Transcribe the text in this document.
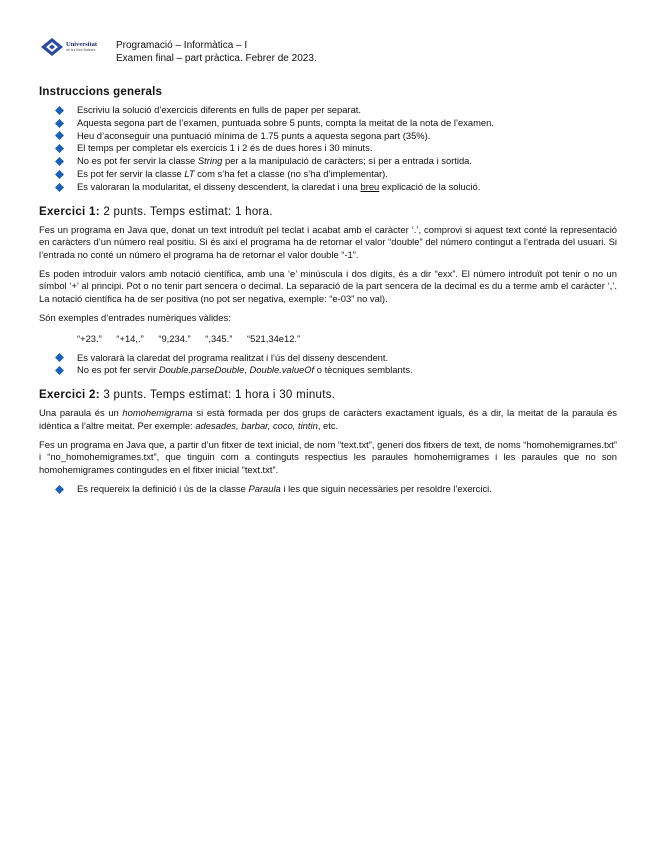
Universitat
de les Illes Balears Programació – Informàtica – I
Examen final – part pràctica. Febrer de 2023.
Instruccions generals
Escriviu la solució d’exercicis diferents en fulls de paper per separat.
Aquesta segona part de l’examen, puntuada sobre 5 punts, compta la meitat de la nota de l’examen.
Heu d’aconseguir una puntuació mínima de 1.75 punts a aquesta segona part (35%).
El temps per completar els exercicis 1 i 2 és de dues hores i 30 minuts.
No es pot fer servir la classe String per a la manipulació de caràcters; sí per a entrada i sortida.
Es pot fer servir la classe LT com s’ha fet a classe (no s’ha d’implementar).
Es valoraran la modularitat, el disseny descendent, la claredat i una breu explicació de la solució.
Exercici 1: 2 punts. Temps estimat: 1 hora.

Fes un programa en Java que, donat un text introduït pel teclat i acabat amb el caràcter ‘.’, comprovi si aquest text conté la representació en caràcters d’un número real positiu. Si és així el programa ha de retornar el valor “double” del número contingut a l’entrada del usuari. Si l’entrada no conté un número el programa ha de retornar el valor double “-1”.

Es poden introduir valors amb notació científica, amb una ‘e’ minúscula i dos dígits, és a dir “exx”. El número introduït pot tenir o no un símbol ‘+’ al principi. Pot o no tenir part sencera o decimal. La separació de la part sencera de la decimal es du a terme amb el caràcter ‘,’. La notació científica ha de ser positiva (no pot ser negativa, exemple: “e-03” no val).

Són exemples d’entrades numèriques vàlides:

“+23.” “+14,.” “9,234.” “,345.” “521,34e12.”
Es valorarà la claredat del programa realitzat i l’ús del disseny descendent.
No es pot fer servir Double.parseDouble, Double.valueOf o tècniques semblants.
Exercici 2: 3 punts. Temps estimat: 1 hora i 30 minuts.

Una paraula és un homohemigrama si està formada per dos grups de caràcters exactament iguals, és a dir, la meitat de la paraula és idèntica a l’altre meitat. Per exemple: adesades, barbar, coco, tintin, etc.

Fes un programa en Java que, a partir d’un fitxer de text inicial, de nom “text.txt”, generi dos fitxers de text, de noms “homohemigrames.txt” i “no_homohemigrames.txt”, que tinguin com a continguts respectius les paraules homohemigrames i les paraules que no son homohemigrames contingudes en el fitxer inicial “text.txt”.

Es requereix la definició i ús de la classe Paraula i les que siguin necessàries per resoldre l’exercici.
